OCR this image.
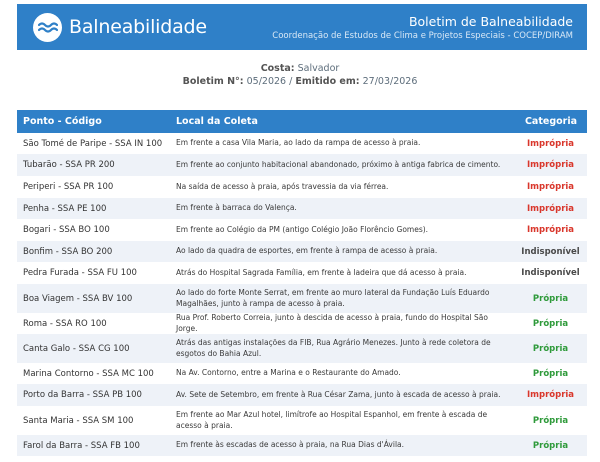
Balneabilidade	Boletim de Balneabilidade
Coordenação de Estudos de Clima e Projetos Especiais - COCEP/DIRAM
Costa: Salvador
Boletim N°: 05/2026 / Emitido em: 27/03/2026
Ponto - Código	Local da Coleta	Categoria
São Tomé de Paripe - SSA IN 100	Em frente a casa Vila Maria, ao lado da rampa de acesso à praia.	Imprópria
Tubarão - SSA PR 200	Em frente ao conjunto habitacional abandonado, próximo à antiga fabrica de cimento.	Imprópria
Periperi - SSA PR 100	Na saída de acesso à praia, após travessia da via férrea.	Imprópria
Penha - SSA PE 100	Em frente à barraca do Valença.	Imprópria
Bogari - SSA BO 100	Em frente ao Colégio da PM (antigo Colégio João Florêncio Gomes).	Imprópria
Bonfim - SSA BO 200	Ao lado da quadra de esportes, em frente à rampa de acesso à praia.	Indisponível
Pedra Furada - SSA FU 100	Atrás do Hospital Sagrada Família, em frente à ladeira que dá acesso à praia.	Indisponível
Boa Viagem - SSA BV 100	Ao lado do forte Monte Serrat, em frente ao muro lateral da Fundação Luís Eduardo Magalhães, junto à rampa de acesso à praia.	Própria
Roma - SSA RO 100	Rua Prof. Roberto Correia, junto à descida de acesso à praia, fundo do Hospital São Jorge.	Própria
Canta Galo - SSA CG 100	Atrás das antigas instalações da FIB, Rua Agrário Menezes. Junto à rede coletora de esgotos do Bahia Azul.	Própria
Marina Contorno - SSA MC 100	Na Av. Contorno, entre a Marina e o Restaurante do Amado.	Própria
Porto da Barra - SSA PB 100	Av. Sete de Setembro, em frente à Rua César Zama, junto à escada de acesso à praia.	Imprópria
Santa Maria - SSA SM 100	Em frente ao Mar Azul hotel, limítrofe ao Hospital Espanhol, em frente à escada de acesso à praia.	Própria
Farol da Barra - SSA FB 100	Em frente às escadas de acesso à praia, na Rua Dias d'Ávila.	Própria
